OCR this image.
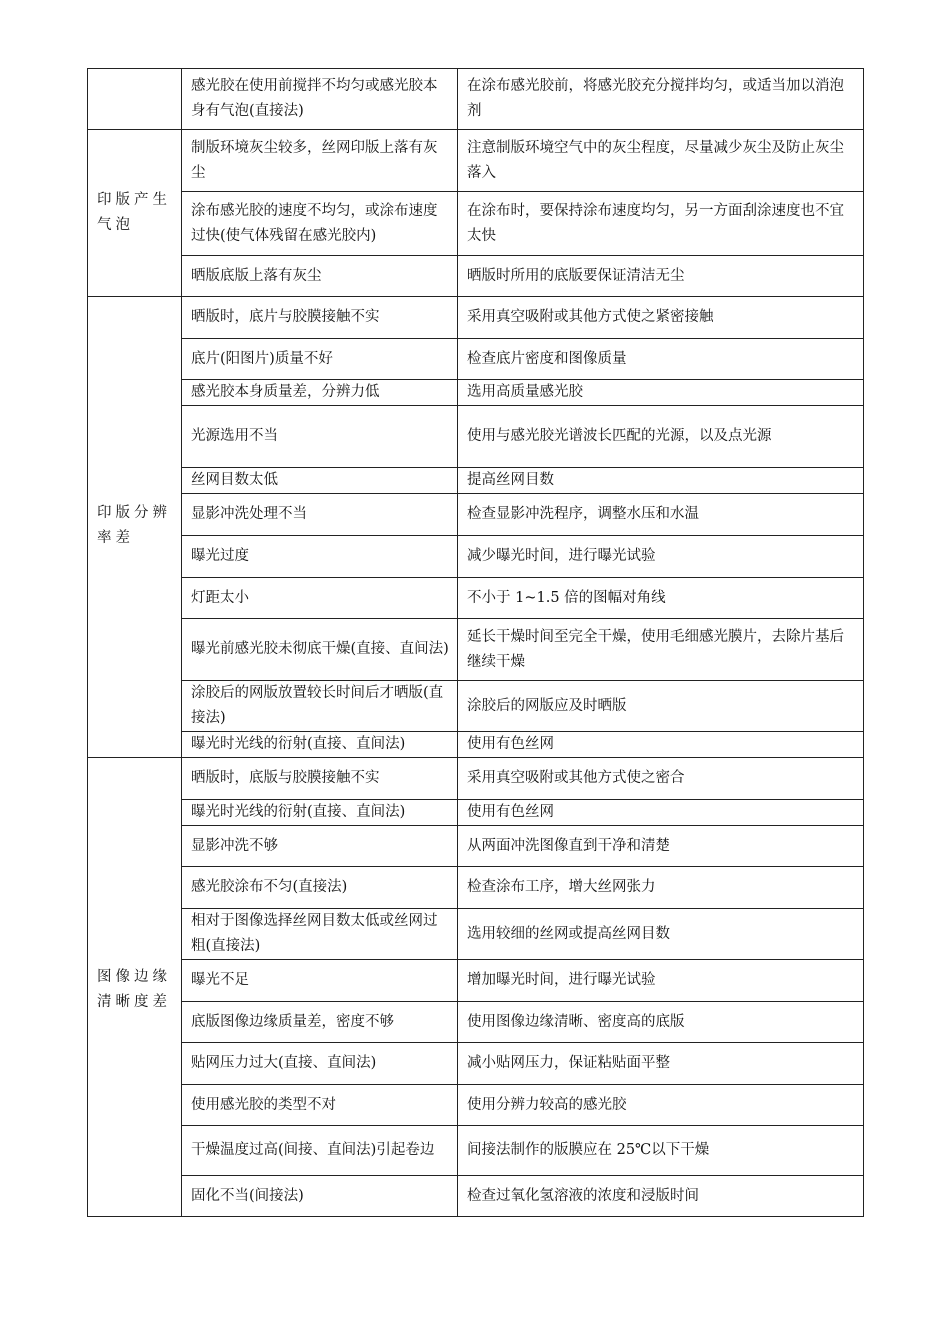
	感光胶在使用前搅拌不均匀或感光胶本身有气泡(直接法)	在涂布感光胶前，将感光胶充分搅拌均匀，或适当加以消泡剂

印版产生气泡	制版环境灰尘较多，丝网印版上落有灰尘	注意制版环境空气中的灰尘程度，尽量减少灰尘及防止灰尘落入
	涂布感光胶的速度不均匀，或涂布速度过快(使气体残留在感光胶内)	在涂布时，要保持涂布速度均匀，另一方面刮涂速度也不宜太快
	晒版底版上落有灰尘	晒版时所用的底版要保证清洁无尘

印版分辨率差	晒版时，底片与胶膜接触不实	采用真空吸附或其他方式使之紧密接触
	底片(阳图片)质量不好	检查底片密度和图像质量
	感光胶本身质量差，分辨力低	选用高质量感光胶
	光源选用不当	使用与感光胶光谱波长匹配的光源，以及点光源
	丝网目数太低	提高丝网目数
	显影冲洗处理不当	检查显影冲洗程序，调整水压和水温
	曝光过度	减少曝光时间，进行曝光试验
	灯距太小	不小于 1~1.5 倍的图幅对角线
	曝光前感光胶未彻底干燥(直接、直间法)	延长干燥时间至完全干燥，使用毛细感光膜片，去除片基后继续干燥
	涂胶后的网版放置较长时间后才晒版(直接法)	涂胶后的网版应及时晒版
	曝光时光线的衍射(直接、直间法)	使用有色丝网

图像边缘清晰度差	晒版时，底版与胶膜接触不实	采用真空吸附或其他方式使之密合
	曝光时光线的衍射(直接、直间法)	使用有色丝网
	显影冲洗不够	从两面冲洗图像直到干净和清楚
	感光胶涂布不匀(直接法)	检查涂布工序，增大丝网张力
	相对于图像选择丝网目数太低或丝网过粗(直接法)	选用较细的丝网或提高丝网目数
	曝光不足	增加曝光时间，进行曝光试验
	底版图像边缘质量差，密度不够	使用图像边缘清晰、密度高的底版
	贴网压力过大(直接、直间法)	减小贴网压力，保证粘贴面平整
	使用感光胶的类型不对	使用分辨力较高的感光胶
	干燥温度过高(间接、直间法)引起卷边	间接法制作的版膜应在 25℃以下干燥
	固化不当(间接法)	检查过氧化氢溶液的浓度和浸版时间
